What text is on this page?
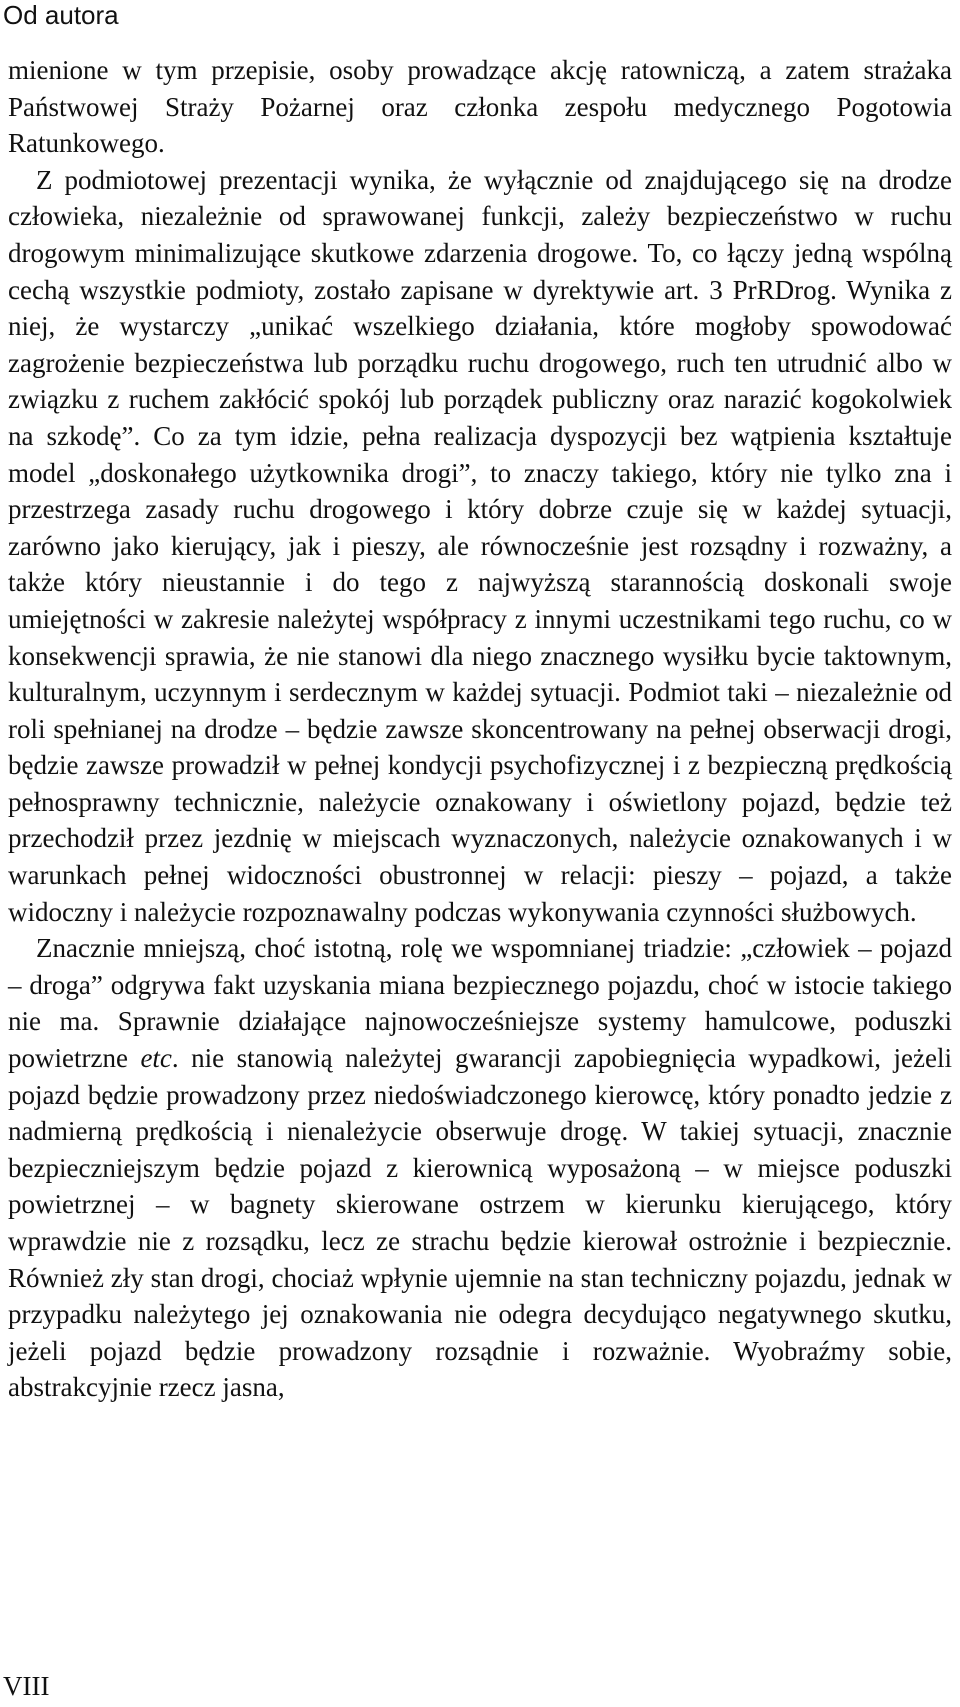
Od autora

mienione w tym przepisie, osoby prowadzące akcję ratowniczą, a zatem strażaka Państwowej Straży Pożarnej oraz członka zespołu medycznego Pogotowia Ratunkowego.

Z podmiotowej prezentacji wynika, że wyłącznie od znajdującego się na drodze człowieka, niezależnie od sprawowanej funkcji, zależy bezpieczeństwo w ruchu drogowym minimalizujące skutkowe zdarzenia drogowe. To, co łączy jedną wspólną cechą wszystkie podmioty, zostało zapisane w dyrektywie art. 3 PrRDrog. Wynika z niej, że wystarczy „unikać wszelkiego działania, które mogłoby spowodować zagrożenie bezpieczeństwa lub porządku ruchu drogowego, ruch ten utrudnić albo w związku z ruchem zakłócić spokój lub porządek publiczny oraz narazić kogokolwiek na szkodę”. Co za tym idzie, pełna realizacja dyspozycji bez wątpienia kształtuje model „doskonałego użytkownika drogi”, to znaczy takiego, który nie tylko zna i przestrzega zasady ruchu drogowego i który dobrze czuje się w każdej sytuacji, zarówno jako kierujący, jak i pieszy, ale równocześnie jest rozsądny i rozważny, a także który nieustannie i do tego z najwyższą starannością doskonali swoje umiejętności w zakresie należytej współpracy z innymi uczestnikami tego ruchu, co w konsekwencji sprawia, że nie stanowi dla niego znacznego wysiłku bycie taktownym, kulturalnym, uczynnym i serdecznym w każdej sytuacji. Podmiot taki – niezależnie od roli spełnianej na drodze – będzie zawsze skoncentrowany na pełnej obserwacji drogi, będzie zawsze prowadził w pełnej kondycji psychofizycznej i z bezpieczną prędkością pełnosprawny technicznie, należycie oznakowany i oświetlony pojazd, będzie też przechodził przez jezdnię w miejscach wyznaczonych, należycie oznakowanych i w warunkach pełnej widoczności obustronnej w relacji: pieszy – pojazd, a także widoczny i należycie rozpoznawalny podczas wykonywania czynności służbowych.

Znacznie mniejszą, choć istotną, rolę we wspomnianej triadzie: „człowiek – pojazd – droga” odgrywa fakt uzyskania miana bezpiecznego pojazdu, choć w istocie takiego nie ma. Sprawnie działające najnowocześniejsze systemy hamulcowe, poduszki powietrzne etc. nie stanowią należytej gwarancji zapobiegnięcia wypadkowi, jeżeli pojazd będzie prowadzony przez niedoświadczonego kierowcę, który ponadto jedzie z nadmierną prędkością i nienależycie obserwuje drogę. W takiej sytuacji, znacznie bezpieczniejszym będzie pojazd z kierownicą wyposażoną – w miejsce poduszki powietrznej – w bagnety skierowane ostrzem w kierunku kierującego, który wprawdzie nie z rozsądku, lecz ze strachu będzie kierował ostrożnie i bezpiecznie. Również zły stan drogi, chociaż wpłynie ujemnie na stan techniczny pojazdu, jednak w przypadku należytego jej oznakowania nie odegra decydująco negatywnego skutku, jeżeli pojazd będzie prowadzony rozsądnie i rozważnie. Wyobraźmy sobie, abstrakcyjnie rzecz jasna,

VIII
